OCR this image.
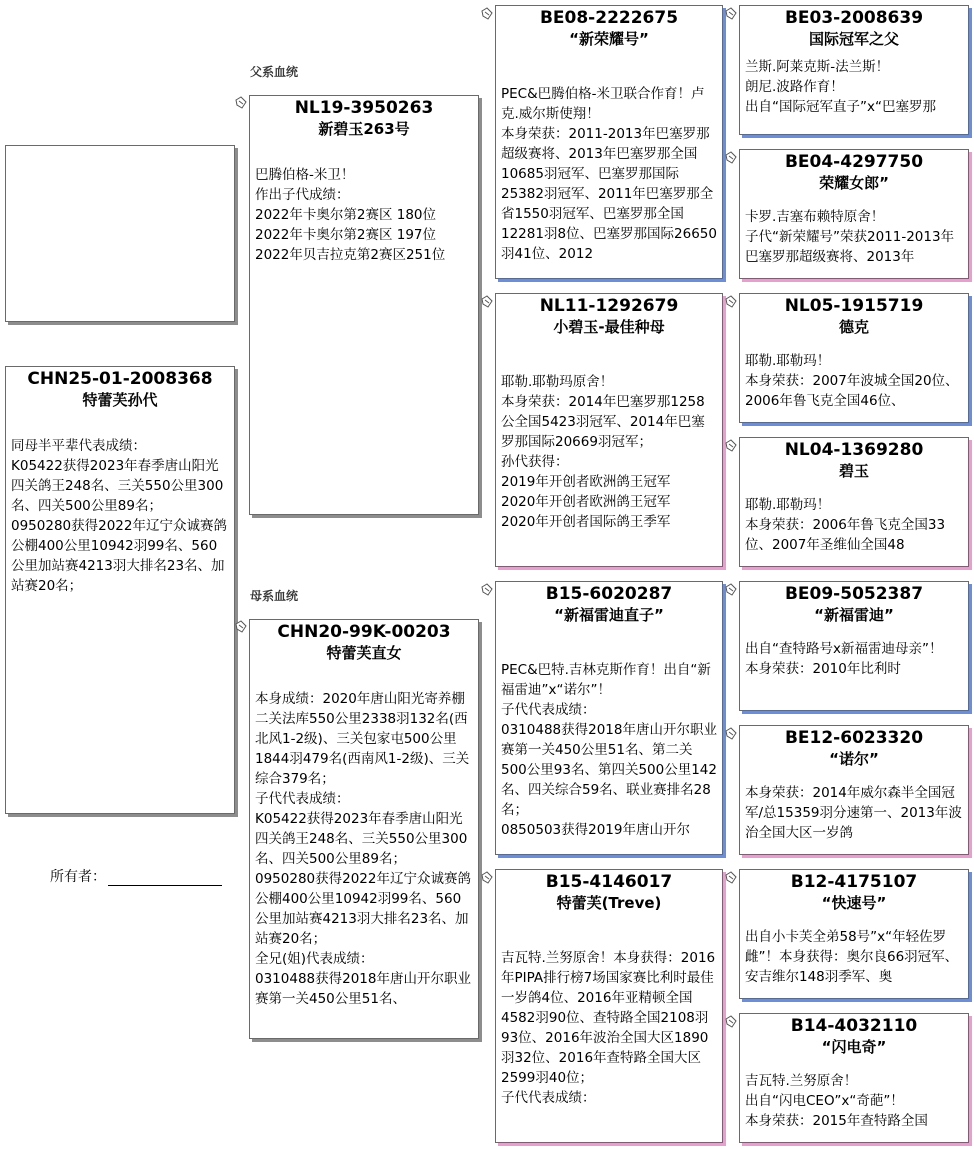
父系血统
母系血统
CHN25-01-2008368
特蕾芙孙代

同母半平辈代表成绩：

K05422获得2023年春季唐山阳光四关鸽王248名、三关550公里300名、四关500公里89名；

0950280获得2022年辽宁众诚赛鸽公棚400公里10942羽99名、560公里加站赛4213羽大排名23名、加站赛20名；

所有者：
NL19-3950263
新碧玉263号

巴腾伯格-米卫！

作出子代成绩：

2022年卡奥尔第2赛区 180位

2022年卡奥尔第2赛区 197位

2022年贝吉拉克第2赛区251位

CHN20-99K-00203
特蕾芙直女

本身成绩：2020年唐山阳光寄养棚二关法库550公里2338羽132名(西北风1-2级)、三关包家屯500公里1844羽479名(西南风1-2级)、三关综合379名；

子代代表成绩：

K05422获得2023年春季唐山阳光四关鸽王248名、三关550公里300名、四关500公里89名；

0950280获得2022年辽宁众诚赛鸽公棚400公里10942羽99名、560公里加站赛4213羽大排名23名、加站赛20名；

全兄(姐)代表成绩：

0310488获得2018年唐山开尔职业赛第一关450公里51名、

BE08-2222675
“新荣耀号”

PEC&巴腾伯格-米卫联合作育！卢克.威尔斯使翔！

本身荣获：2011-2013年巴塞罗那超级赛将、2013年巴塞罗那全国10685羽冠军、巴塞罗那国际25382羽冠军、2011年巴塞罗那全省1550羽冠军、巴塞罗那全国12281羽8位、巴塞罗那国际26650羽41位、2012

NL11-1292679
小碧玉-最佳种母

耶勒.耶勒玛原舍！

本身荣获：2014年巴塞罗那1258公全国5423羽冠军、2014年巴塞罗那国际20669羽冠军；

孙代获得：

2019年开创者欧洲鸽王冠军

2020年开创者欧洲鸽王冠军

2020年开创者国际鸽王季军

B15-6020287
“新福雷迪直子”

PEC&巴特.吉林克斯作育！出自“新福雷迪”x“诺尔”！

子代代表成绩：

0310488获得2018年唐山开尔职业赛第一关450公里51名、第二关500公里93名、第四关500公里142名、四关综合59名、联业赛排名28名；

0850503获得2019年唐山开尔

B15-4146017
特蕾芙(Treve)

吉瓦特.兰努原舍！本身获得：2016年PIPA排行榜7场国家赛比利时最佳一岁鸽4位、2016年亚精顿全国4582羽90位、查特路全国2108羽93位、2016年波治全国大区1890羽32位、2016年查特路全国大区2599羽40位；

子代代表成绩：

BE03-2008639
国际冠军之父

兰斯.阿莱克斯-法兰斯！

朗尼.波路作育！

出自“国际冠军直子”x“巴塞罗那

BE04-4297750
荣耀女郎”

卡罗.吉塞布赖特原舍！

子代“新荣耀号”荣获2011-2013年巴塞罗那超级赛将、2013年

NL05-1915719
德克

耶勒.耶勒玛！

本身荣获：2007年波城全国20位、2006年鲁飞克全国46位、

NL04-1369280
碧玉

耶勒.耶勒玛！

本身荣获：2006年鲁飞克全国33位、2007年圣维仙全国48

BE09-5052387
“新福雷迪”

出自“查特路号x新福雷迪母亲”！

本身荣获：2010年比利时

BE12-6023320
“诺尔”

本身荣获：2014年威尔森半全国冠军/总15359羽分速第一、2013年波治全国大区一岁鸽

B12-4175107
“快速号”

出自小卡芙全弟58号”x“年轻佐罗雌”！本身获得：奥尔良66羽冠军、安吉维尔148羽季军、奥

B14-4032110
“闪电奇”

吉瓦特.兰努原舍！

出自“闪电CEO”x“奇葩”！

本身荣获：2015年查特路全国
